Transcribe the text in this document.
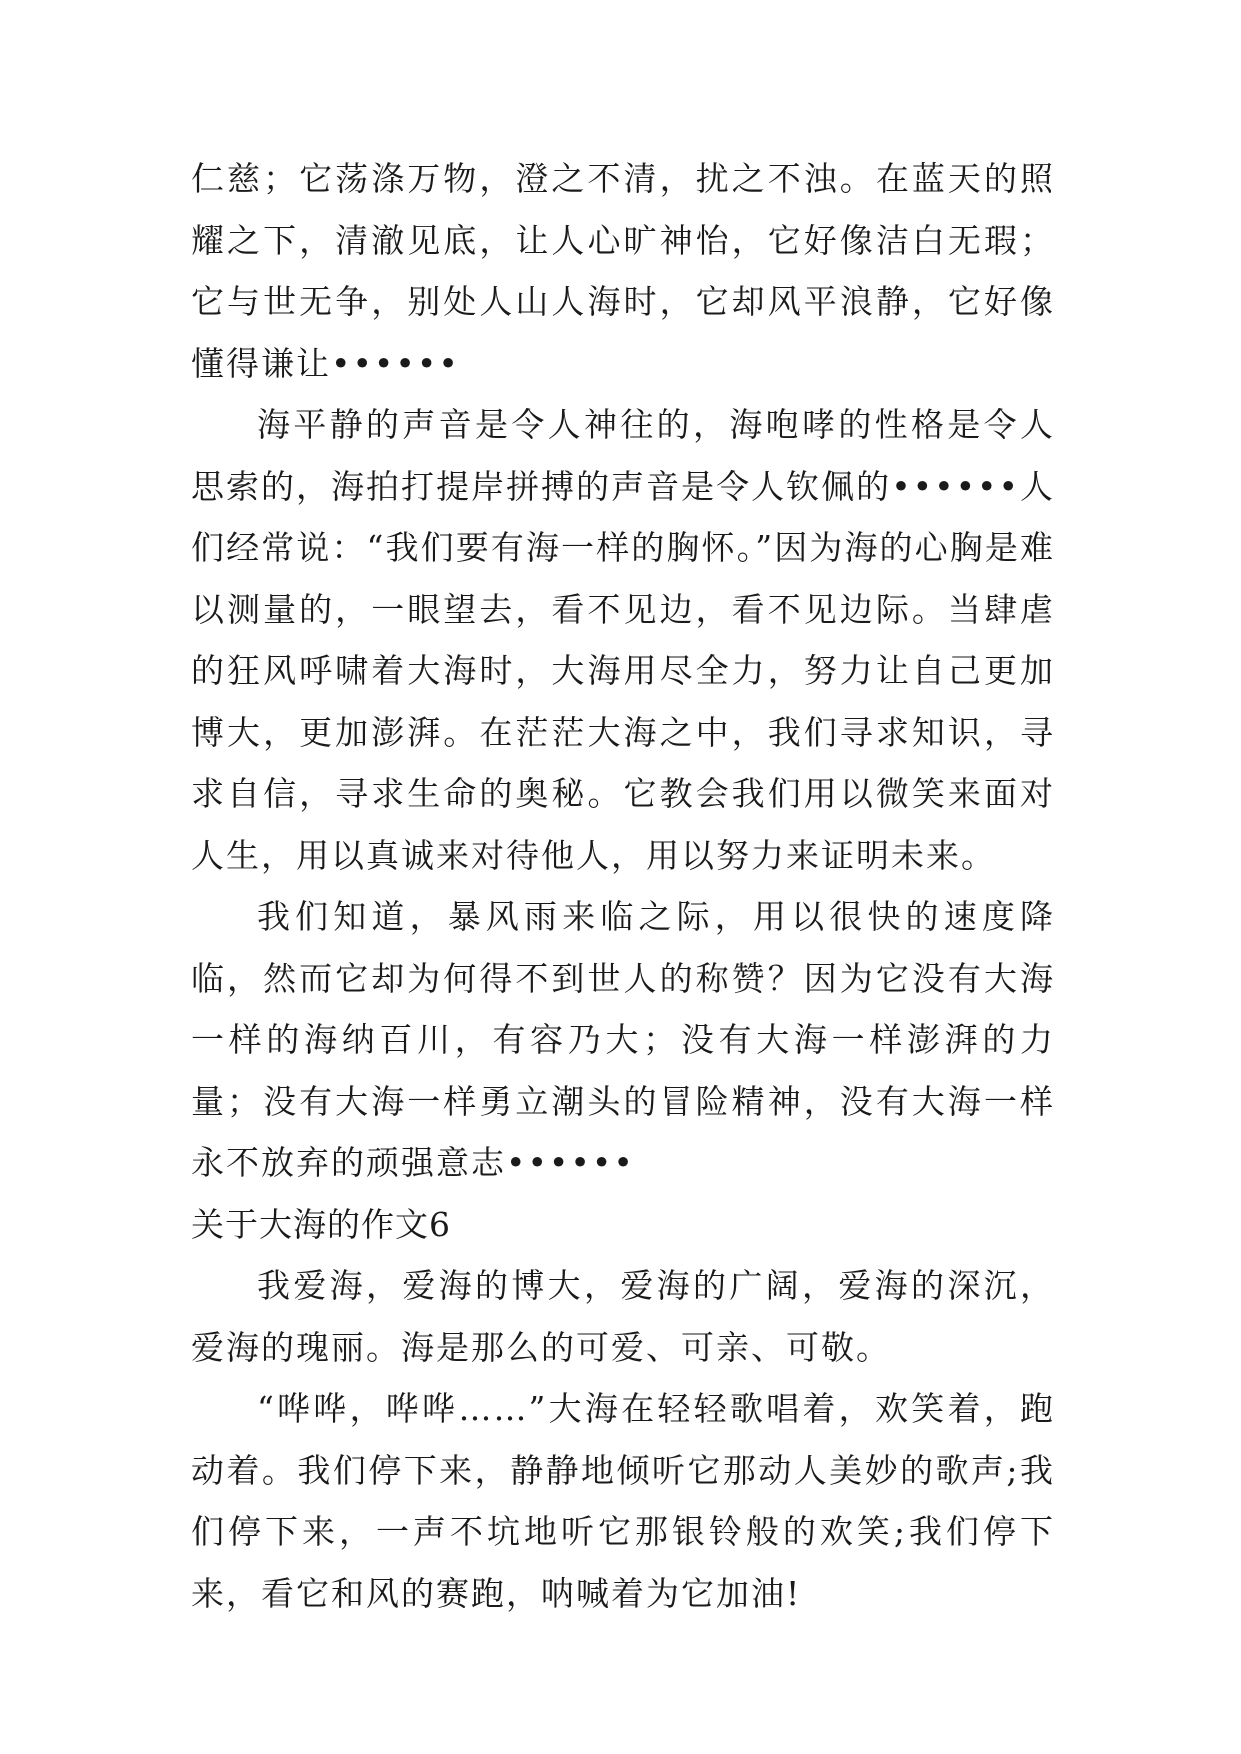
仁慈；它荡涤万物，澄之不清，扰之不浊。在蓝天的照耀之下，清澈见底，让人心旷神怡，它好像洁白无瑕；它与世无争，别处人山人海时，它却风平浪静，它好像懂得谦让••••••

海平静的声音是令人神往的，海咆哮的性格是令人思索的，海拍打提岸拼搏的声音是令人钦佩的••••••人们经常说：“我们要有海一样的胸怀。”因为海的心胸是难以测量的，一眼望去，看不见边，看不见边际。当肆虐的狂风呼啸着大海时，大海用尽全力，努力让自己更加博大，更加澎湃。在茫茫大海之中，我们寻求知识，寻求自信，寻求生命的奥秘。它教会我们用以微笑来面对人生，用以真诚来对待他人，用以努力来证明未来。

我们知道，暴风雨来临之际，用以很快的速度降临，然而它却为何得不到世人的称赞？因为它没有大海一样的海纳百川，有容乃大；没有大海一样澎湃的力量；没有大海一样勇立潮头的冒险精神，没有大海一样永不放弃的顽强意志••••••

关于大海的作文6

我爱海，爱海的博大，爱海的广阔，爱海的深沉，爱海的瑰丽。海是那么的可爱、可亲、可敬。

“哗哗，哗哗……”大海在轻轻歌唱着，欢笑着，跑动着。我们停下来，静静地倾听它那动人美妙的歌声;我们停下来，一声不坑地听它那银铃般的欢笑;我们停下来，看它和风的赛跑，呐喊着为它加油!
